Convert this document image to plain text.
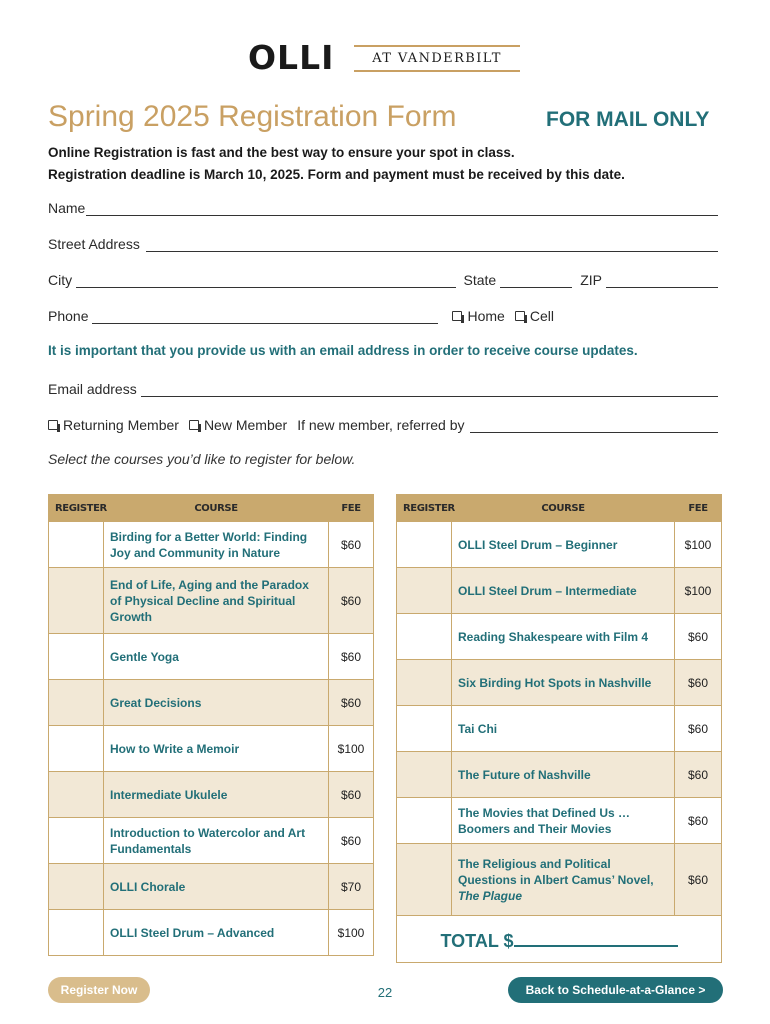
OLLI	AT VANDERBILT
Spring 2025 Registration Form	FOR MAIL ONLY
Online Registration is fast and the best way to ensure your spot in class.
Registration deadline is March 10, 2025. Form and payment must be received by this date.
Name
Street Address
City	State	ZIP
Phone	Home Cell
It is important that you provide us with an email address in order to receive course updates.
Email address
Returning Member New Member If new member, referred by
Select the courses you’d like to register for below.
REGISTER	COURSE	FEE
	Birding for a Better World: Finding Joy and Community in Nature	$60
	End of Life, Aging and the Paradox of Physical Decline and Spiritual Growth	$60
	Gentle Yoga	$60
	Great Decisions	$60
	How to Write a Memoir	$100
	Intermediate Ukulele	$60
	Introduction to Watercolor and Art Fundamentals	$60
	OLLI Chorale	$70
	OLLI Steel Drum – Advanced	$100
REGISTER	COURSE	FEE
	OLLI Steel Drum – Beginner	$100
	OLLI Steel Drum – Intermediate	$100
	Reading Shakespeare with Film 4	$60
	Six Birding Hot Spots in Nashville	$60
	Tai Chi	$60
	The Future of Nashville	$60
	The Movies that Defined Us … Boomers and Their Movies	$60
	The Religious and Political Questions in Albert Camus’ Novel, The Plague	$60
TOTAL $		
Register Now	22	Back to Schedule-at-a-Glance >
